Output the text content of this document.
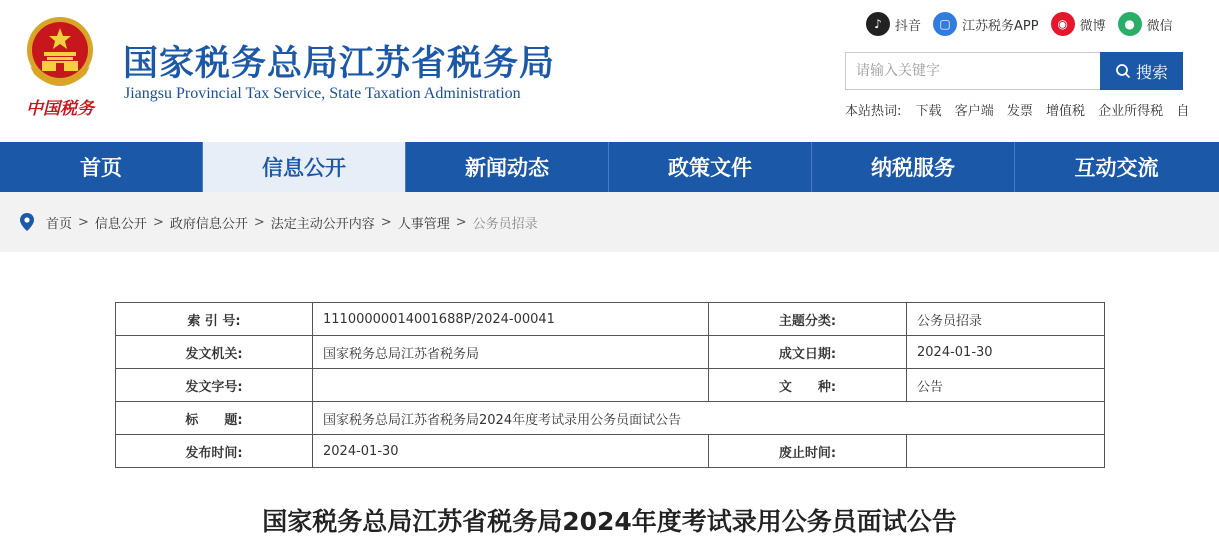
中国税务
国家税务总局江苏省税务局
Jiangsu Provincial Tax Service, State Taxation Administration
♪	抖音	▢ 江苏税务APP	◉ 微博	● 微信
请输入关键字
搜索
本站热词: 下载 客户端 发票 增值税 企业所得税 自
首页	信息公开	新闻动态	政策文件	纳税服务	互动交流
首页 > 信息公开 > 政府信息公开 > 法定主动公开内容 > 人事管理 > 公务员招录
索 引 号:	11100000014001688P/2024-00041	主题分类:	公务员招录
发文机关:	国家税务总局江苏省税务局	成文日期:	2024-01-30
发文字号:		文　　种:	公告
标　　题:	国家税务总局江苏省税务局2024年度考试录用公务员面试公告		
发布时间:	2024-01-30	废止时间:	
国家税务总局江苏省税务局2024年度考试录用公务员面试公告
